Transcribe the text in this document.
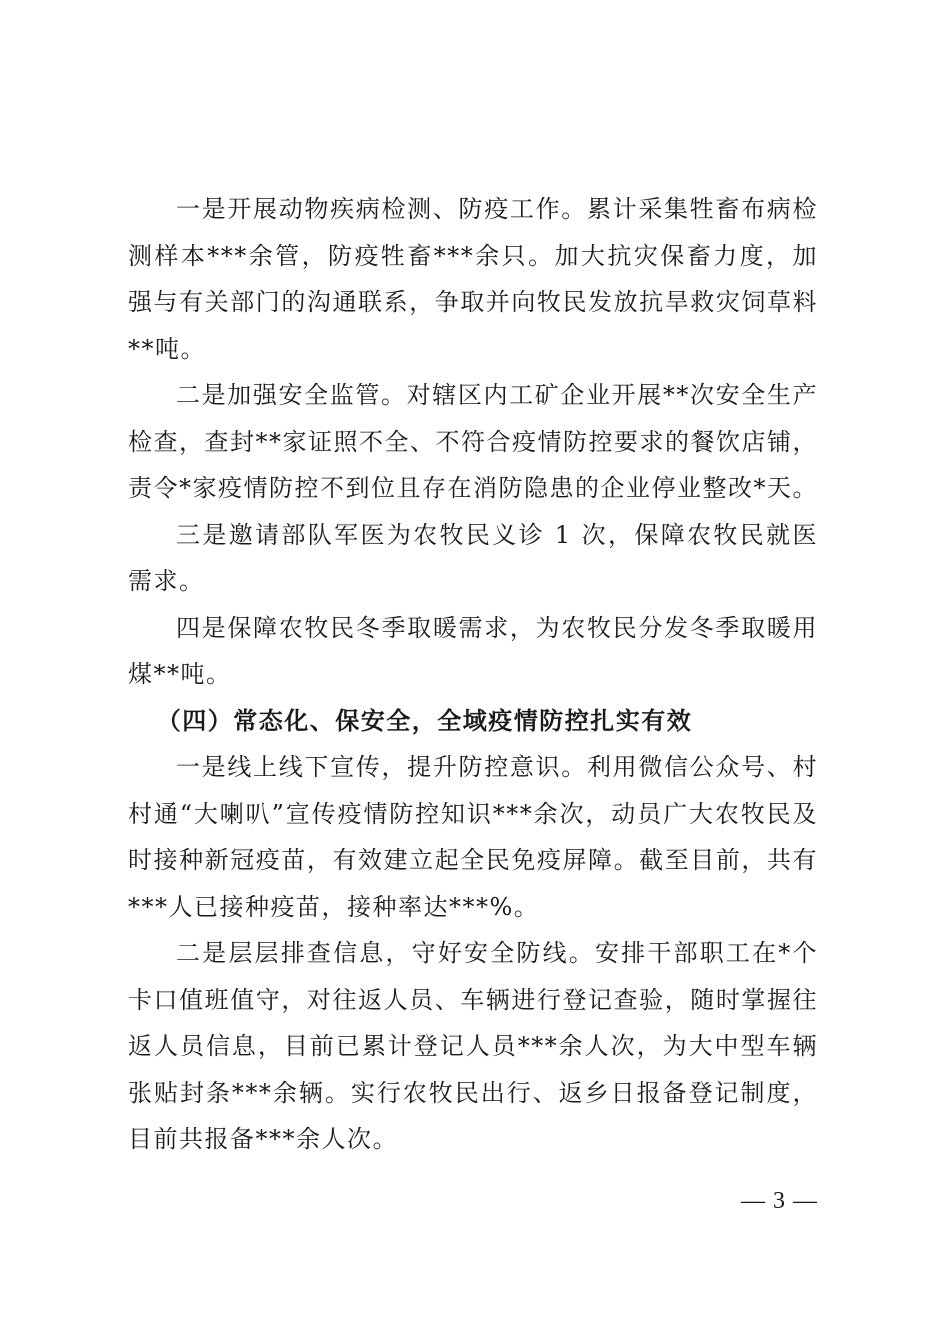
一是开展动物疾病检测、防疫工作。累计采集牲畜布病检测样本***余管，防疫牲畜***余只。加大抗灾保畜力度，加强与有关部门的沟通联系，争取并向牧民发放抗旱救灾饲草料**吨。

二是加强安全监管。对辖区内工矿企业开展**次安全生产检查，查封**家证照不全、不符合疫情防控要求的餐饮店铺，责令*家疫情防控不到位且存在消防隐患的企业停业整改*天。

三是邀请部队军医为农牧民义诊 1 次，保障农牧民就医需求。

四是保障农牧民冬季取暖需求，为农牧民分发冬季取暖用煤**吨。

（四）常态化、保安全，全域疫情防控扎实有效

一是线上线下宣传，提升防控意识。利用微信公众号、村村通“大喇叭”宣传疫情防控知识***余次，动员广大农牧民及时接种新冠疫苗，有效建立起全民免疫屏障。截至目前，共有***人已接种疫苗，接种率达***%。

二是层层排查信息，守好安全防线。安排干部职工在*个卡口值班值守，对往返人员、车辆进行登记查验，随时掌握往返人员信息，目前已累计登记人员***余人次，为大中型车辆张贴封条***余辆。实行农牧民出行、返乡日报备登记制度，目前共报备***余人次。

— 3 —
